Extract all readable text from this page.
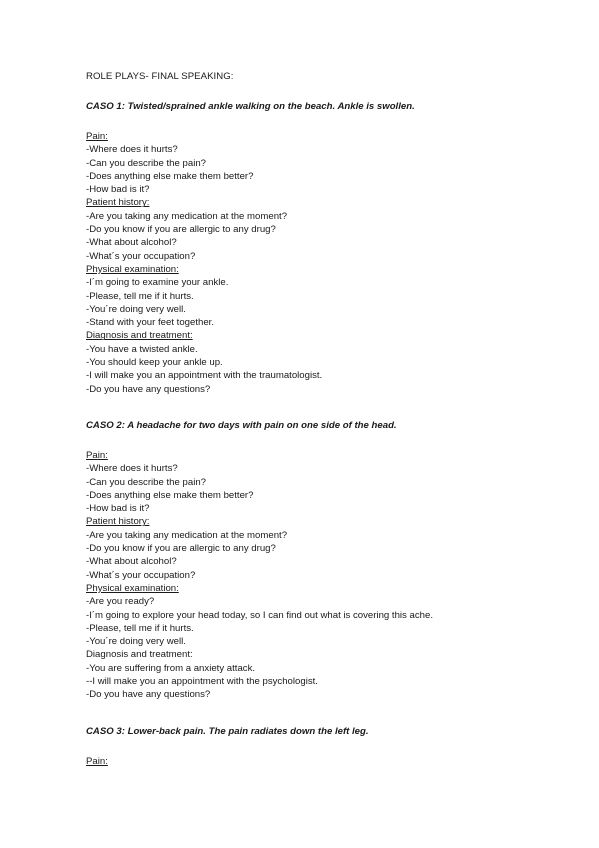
ROLE PLAYS- FINAL SPEAKING:

CASO 1: Twisted/sprained ankle walking on the beach. Ankle is swollen.

Pain:

-Where does it hurts?

-Can you describe the pain?

-Does anything else make them better?

-How bad is it?

Patient history:

-Are you taking any medication at the moment?

-Do you know if you are allergic to any drug?

-What about alcohol?

-What´s your occupation?

Physical examination:

-I´m going to examine your ankle.

-Please, tell me if it hurts.

-You´re doing very well.

-Stand with your feet together.

Diagnosis and treatment:

-You have a twisted ankle.

-You should keep your ankle up.

-I will make you an appointment with the traumatologist.

-Do you have any questions?

CASO 2: A headache for two days with pain on one side of the head.

Pain:

-Where does it hurts?

-Can you describe the pain?

-Does anything else make them better?

-How bad is it?

Patient history:

-Are you taking any medication at the moment?

-Do you know if you are allergic to any drug?

-What about alcohol?

-What´s your occupation?

Physical examination:

-Are you ready?

-I´m going to explore your head today, so I can find out what is covering this ache.

-Please, tell me if it hurts.

-You´re doing very well.

Diagnosis and treatment:

-You are suffering from a anxiety attack.

--I will make you an appointment with the psychologist.

-Do you have any questions?

CASO 3: Lower-back pain. The pain radiates down the left leg.

Pain:
